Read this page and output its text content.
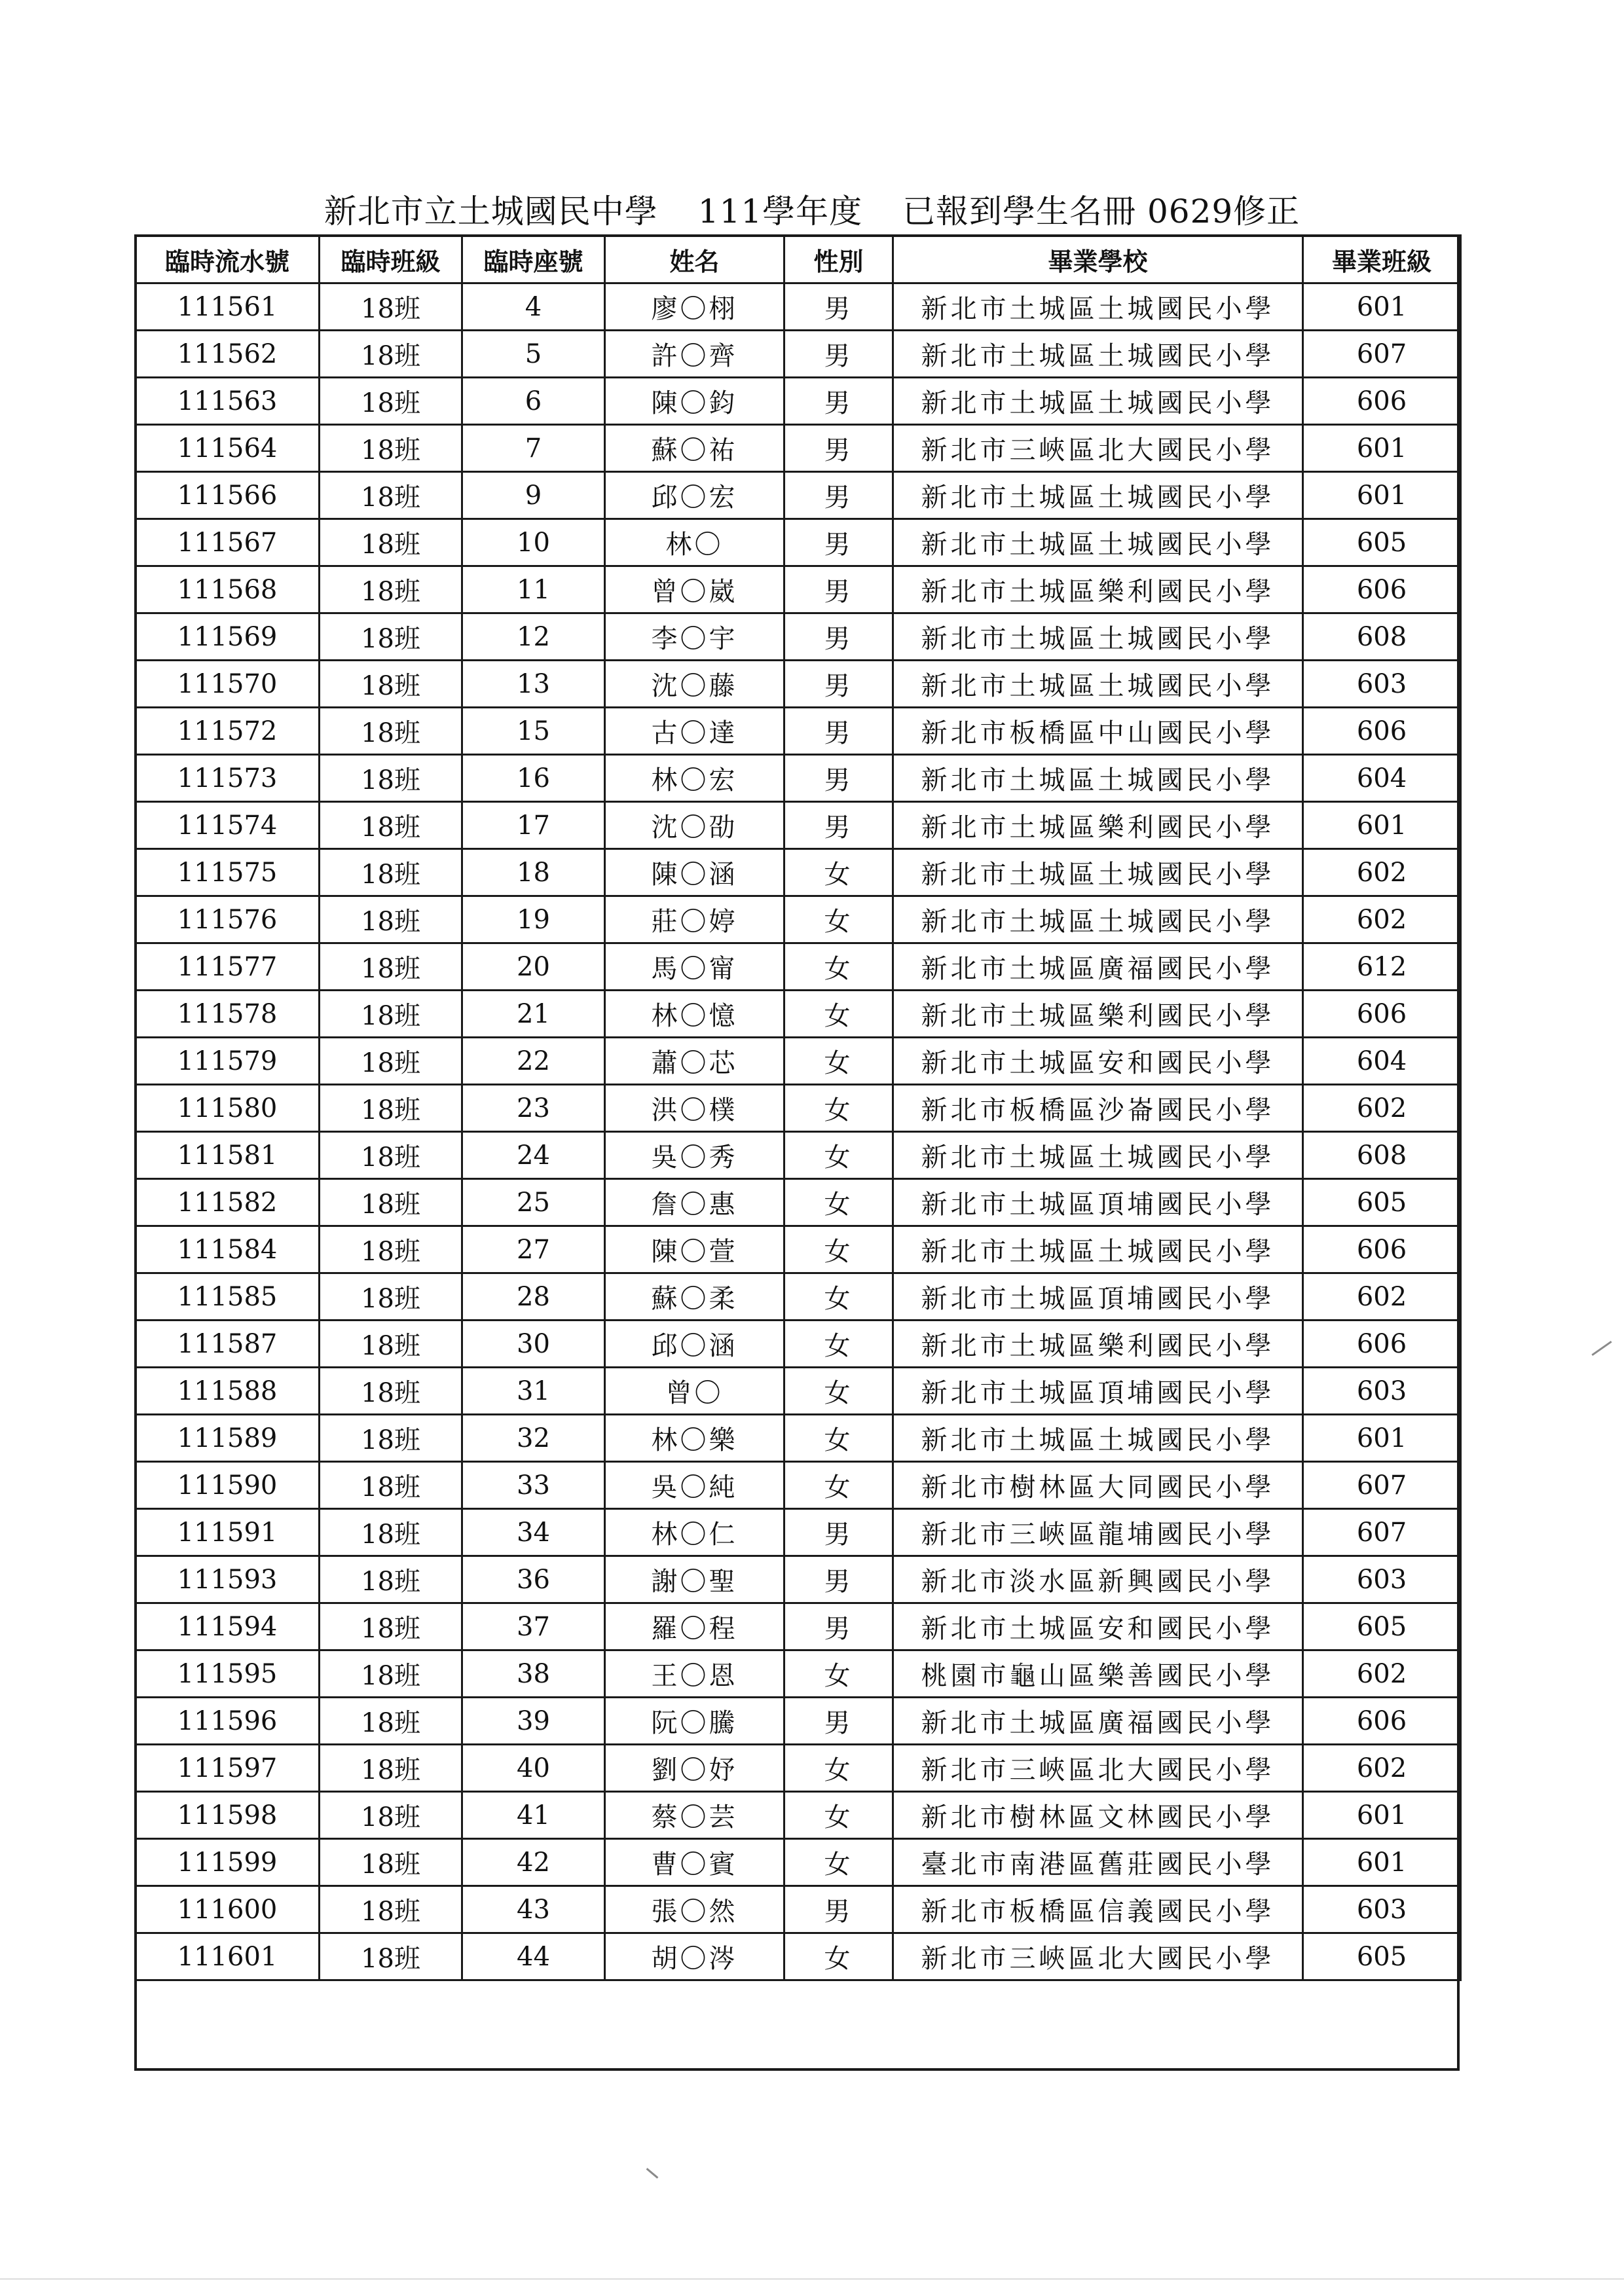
新北市立土城國民中學 111學年度 已報到學生名冊 0629修正
臨時流水號	臨時班級	臨時座號	姓名	性別	畢業學校	畢業班級
111561	18班	4	廖〇栩	男	新北市土城區土城國民小學	601
111562	18班	5	許〇齊	男	新北市土城區土城國民小學	607
111563	18班	6	陳〇鈞	男	新北市土城區土城國民小學	606
111564	18班	7	蘇〇祐	男	新北市三峽區北大國民小學	601
111566	18班	9	邱〇宏	男	新北市土城區土城國民小學	601
111567	18班	10	林〇	男	新北市土城區土城國民小學	605
111568	18班	11	曾〇崴	男	新北市土城區樂利國民小學	606
111569	18班	12	李〇宇	男	新北市土城區土城國民小學	608
111570	18班	13	沈〇藤	男	新北市土城區土城國民小學	603
111572	18班	15	古〇達	男	新北市板橋區中山國民小學	606
111573	18班	16	林〇宏	男	新北市土城區土城國民小學	604
111574	18班	17	沈〇劭	男	新北市土城區樂利國民小學	601
111575	18班	18	陳〇涵	女	新北市土城區土城國民小學	602
111576	18班	19	莊〇婷	女	新北市土城區土城國民小學	602
111577	18班	20	馬〇甯	女	新北市土城區廣福國民小學	612
111578	18班	21	林〇憶	女	新北市土城區樂利國民小學	606
111579	18班	22	蕭〇芯	女	新北市土城區安和國民小學	604
111580	18班	23	洪〇樸	女	新北市板橋區沙崙國民小學	602
111581	18班	24	吳〇秀	女	新北市土城區土城國民小學	608
111582	18班	25	詹〇惠	女	新北市土城區頂埔國民小學	605
111584	18班	27	陳〇萱	女	新北市土城區土城國民小學	606
111585	18班	28	蘇〇柔	女	新北市土城區頂埔國民小學	602
111587	18班	30	邱〇涵	女	新北市土城區樂利國民小學	606
111588	18班	31	曾〇	女	新北市土城區頂埔國民小學	603
111589	18班	32	林〇樂	女	新北市土城區土城國民小學	601
111590	18班	33	吳〇純	女	新北市樹林區大同國民小學	607
111591	18班	34	林〇仁	男	新北市三峽區龍埔國民小學	607
111593	18班	36	謝〇聖	男	新北市淡水區新興國民小學	603
111594	18班	37	羅〇程	男	新北市土城區安和國民小學	605
111595	18班	38	王〇恩	女	桃園市龜山區樂善國民小學	602
111596	18班	39	阮〇騰	男	新北市土城區廣福國民小學	606
111597	18班	40	劉〇妤	女	新北市三峽區北大國民小學	602
111598	18班	41	蔡〇芸	女	新北市樹林區文林國民小學	601
111599	18班	42	曹〇賓	女	臺北市南港區舊莊國民小學	601
111600	18班	43	張〇然	男	新北市板橋區信義國民小學	603
111601	18班	44	胡〇涔	女	新北市三峽區北大國民小學	605
